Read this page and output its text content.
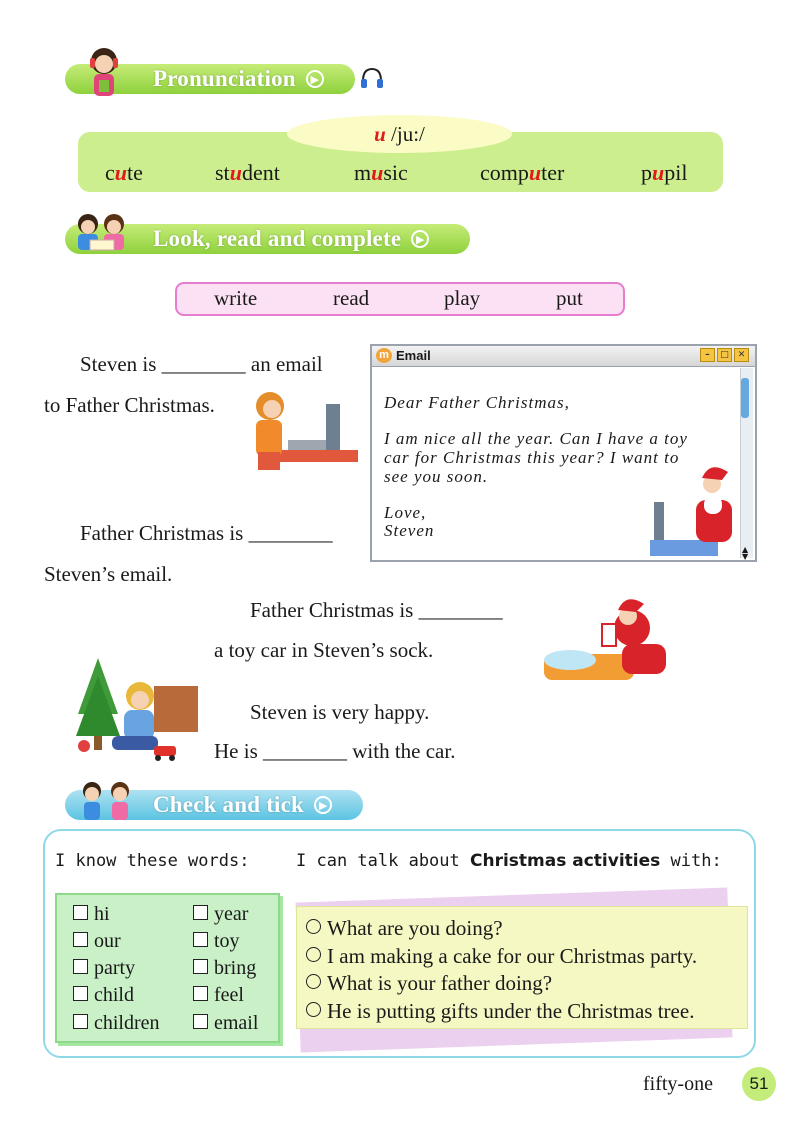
Pronunciation	▶
u
/ju:/
cute	student	music	computer	pupil
Look, read and complete	▶
write	read	play	put
Steven is ________ an email
to Father Christmas.
Father Christmas is ________
Steven’s email.
m Email	–	□ ✕
▲
▼
Dear Father Christmas,
I am nice all the year. Can I have a toy
car for Christmas this year? I want to
see you soon.
Love,
Steven
Father Christmas is ________
a toy car in Steven’s sock.
Steven is very happy.
He is ________ with the car.
Check and tick	▶
I know these words:	I can talk about Christmas activities with:
hi
our
party
child
children
year
toy
bring
feel
email
What are you doing?
I am making a cake for our Christmas party.
What is your father doing?
He is putting gifts under the Christmas tree.
fifty-one	51
